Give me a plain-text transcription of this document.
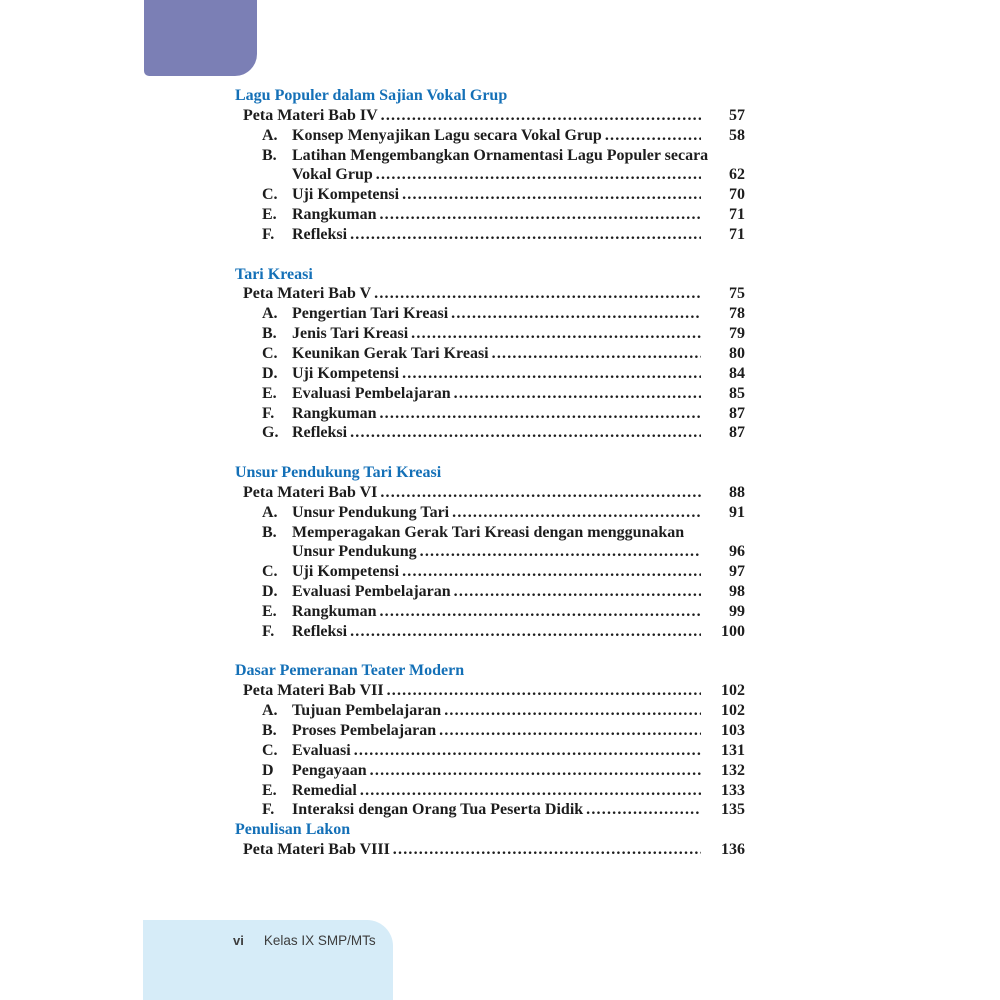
Lagu Populer dalam Sajian Vokal Grup
Peta Materi Bab IV .....	57
A. Konsep Menyajikan Lagu secara Vokal Grup .....	58
B. Latihan Mengembangkan Ornamentasi Lagu Populer secara
Vokal Grup .....	62
C. Uji Kompetensi .....	70
E. Rangkuman .....	71
F.	Refleksi .....	71
Tari Kreasi
Peta Materi Bab V .....	75
A. Pengertian Tari Kreasi .....	78
B. Jenis Tari Kreasi .....	79
C. Keunikan Gerak Tari Kreasi .....	80
D. Uji Kompetensi .....	84
E. Evaluasi Pembelajaran .....	85
F.	Rangkuman .....	87
G. Refleksi .....	87
Unsur Pendukung Tari Kreasi
Peta Materi Bab VI .....	88
A. Unsur Pendukung Tari .....	91
B. Memperagakan Gerak Tari Kreasi dengan menggunakan
Unsur Pendukung .....	96
C. Uji Kompetensi .....	97
D. Evaluasi Pembelajaran .....	98
E. Rangkuman .....	99
F.	Refleksi .....	100
Dasar Pemeranan Teater Modern
Peta Materi Bab VII .....	102
A. Tujuan Pembelajaran .....	102
B. Proses Pembelajaran .....	103
C. Evaluasi .....	131
D	Pengayaan .....	132
E. Remedial .....	133
F.	Interaksi dengan Orang Tua Peserta Didik .....	135
Penulisan Lakon
Peta Materi Bab VIII .....	136
vi Kelas IX SMP/MTs
